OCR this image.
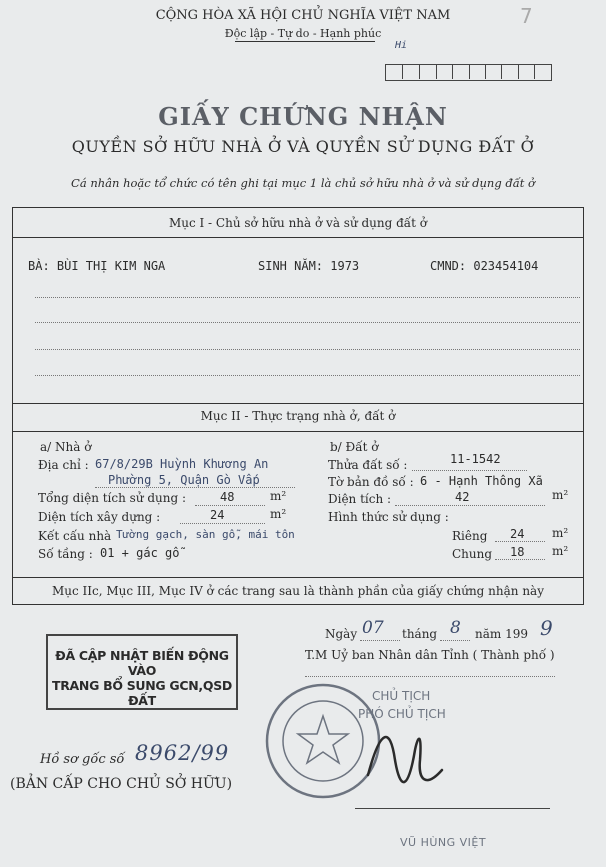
CỘNG HÒA XÃ HỘI CHỦ NGHĨA VIỆT NAM
Độc lập - Tự do - Hạnh phúc
Hi
7
GIẤY CHỨNG NHẬN
QUYỀN SỞ HỮU NHÀ Ở VÀ QUYỀN SỬ DỤNG ĐẤT Ở
Cá nhân hoặc tổ chức có tên ghi tại mục 1 là chủ sở hữu nhà ở và sử dụng đất ở
Mục I - Chủ sở hữu nhà ở và sử dụng đất ở
BÀ: BÙI THỊ KIM NGA	SINH NĂM: 1973	CMND: 023454104
Mục II - Thực trạng nhà ở, đất ở
a/ Nhà ở
Địa chỉ : 67/8/29B Huỳnh Khương An
Phường 5, Quận Gò Vấp
Tổng diện tích sử dụng :	48	m²
Diện tích xây dựng :	24	m²
Kết cấu nhà Tường gạch, sàn gỗ, mái tôn
Số tầng : 01 + gác gỗ
b/ Đất ở
Thửa đất số :	11-1542
Tờ bản đồ số : 6 - Hạnh Thông Xã
Diện tích :	42	m²
Hình thức sử dụng :
Riêng 24 m²
Chung 18 m²
Mục IIc, Mục III, Mục IV ở các trang sau là thành phần của giấy chứng nhận này
ĐÃ CẬP NHẬT BIẾN ĐỘNG VÀO
TRANG BỔ SUNG GCN,QSD ĐẤT
Ngày 07 tháng 8 năm 199 9
T.M Uỷ ban Nhân dân Tỉnh ( Thành phố )
CHỦ TỊCH
PHÓ CHỦ TỊCH
VŨ HÙNG VIỆT
Hồ sơ gốc số 8962/99
(BẢN CẤP CHO CHỦ SỞ HỮU)
